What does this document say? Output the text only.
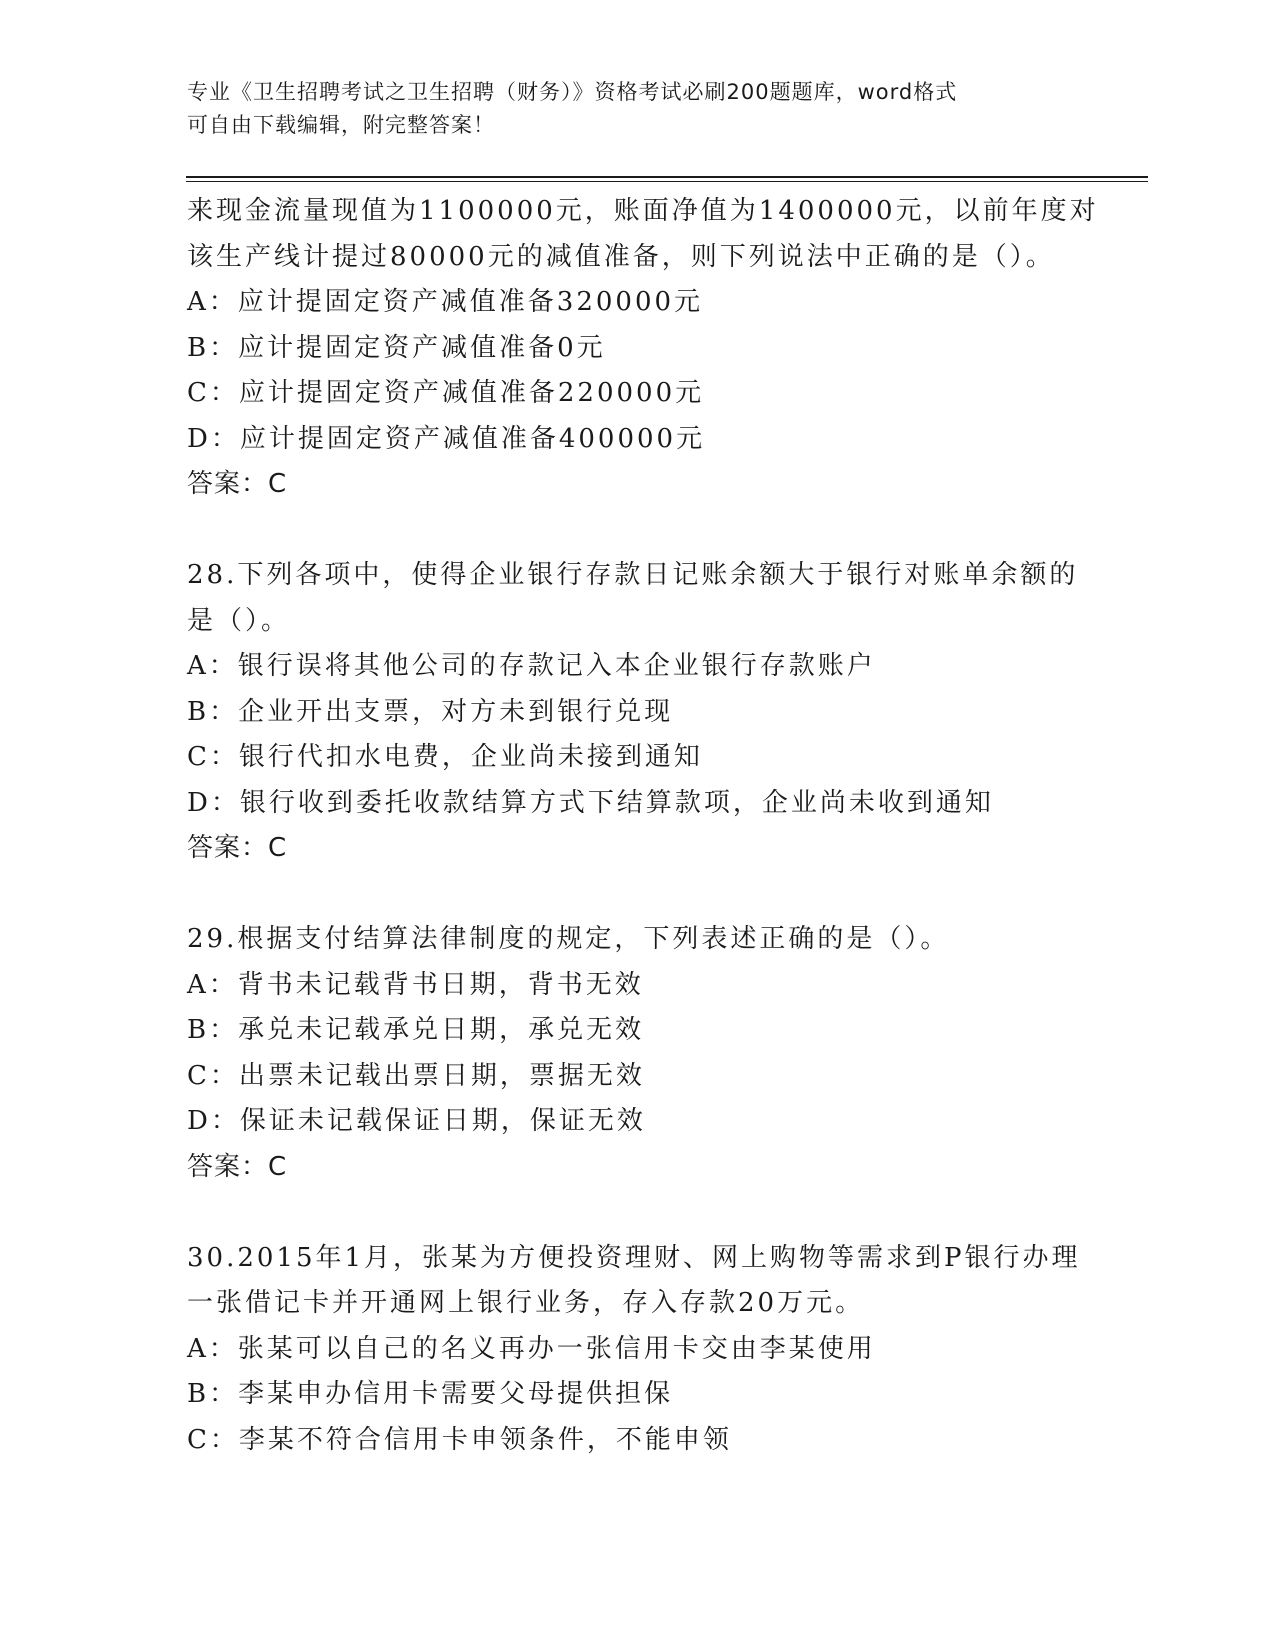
专业《卫生招聘考试之卫生招聘（财务）》资格考试必刷200题题库，word格式
可自由下载编辑，附完整答案！
来现金流量现值为1100000元，账面净值为1400000元，以前年度对
该生产线计提过80000元的减值准备，则下列说法中正确的是（）。
A：应计提固定资产减值准备320000元
B：应计提固定资产减值准备0元
C：应计提固定资产减值准备220000元
D：应计提固定资产减值准备400000元
答案：C
28.下列各项中，使得企业银行存款日记账余额大于银行对账单余额的
是（）。
A：银行误将其他公司的存款记入本企业银行存款账户
B：企业开出支票，对方未到银行兑现
C：银行代扣水电费，企业尚未接到通知
D：银行收到委托收款结算方式下结算款项，企业尚未收到通知
答案：C
29.根据支付结算法律制度的规定，下列表述正确的是（）。
A：背书未记载背书日期，背书无效
B：承兑未记载承兑日期，承兑无效
C：出票未记载出票日期，票据无效
D：保证未记载保证日期，保证无效
答案：C
30.2015年1月，张某为方便投资理财、网上购物等需求到P银行办理
一张借记卡并开通网上银行业务，存入存款20万元。
A：张某可以自己的名义再办一张信用卡交由李某使用
B：李某申办信用卡需要父母提供担保
C：李某不符合信用卡申领条件，不能申领
